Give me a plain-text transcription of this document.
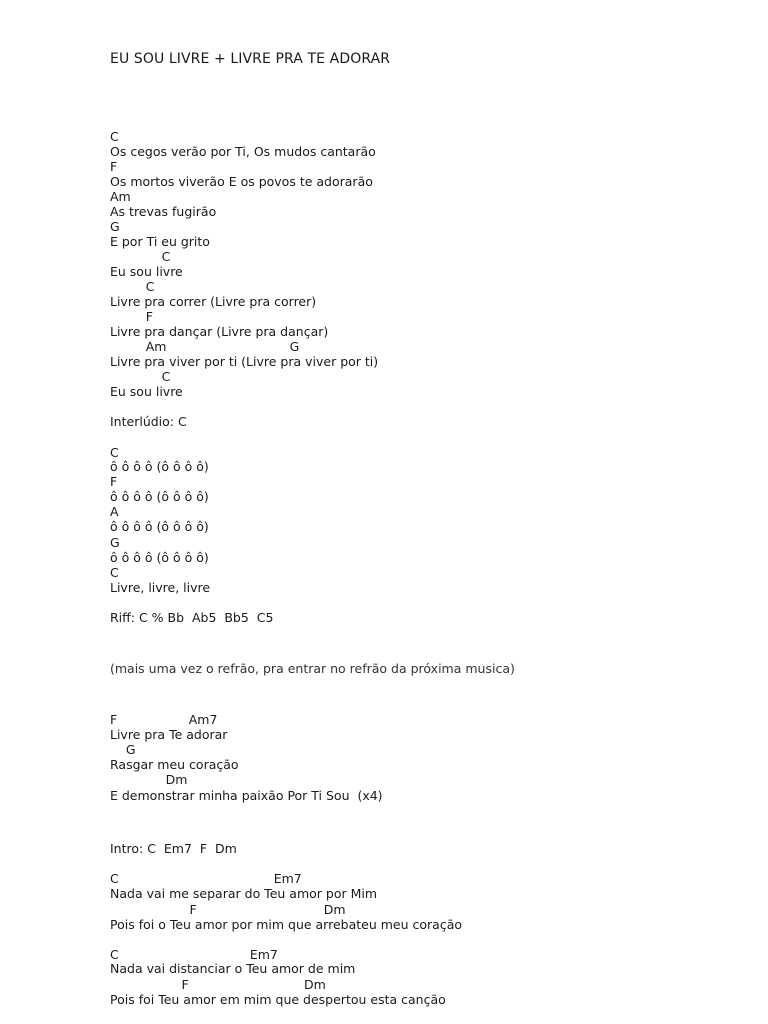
EU SOU LIVRE + LIVRE PRA TE ADORAR
C
Os cegos verão por Ti, Os mudos cantarão
F
Os mortos viverão E os povos te adorarão
Am
As trevas fugirão
G
E por Ti eu grito
C
Eu sou livre
C
Livre pra correr (Livre pra correr)
F
Livre pra dançar (Livre pra dançar)
Am                               G
Livre pra viver por ti (Livre pra viver por ti)
C
Eu sou livre
Interlúdio: C
C
ô ô ô ô (ô ô ô ô)
F
ô ô ô ô (ô ô ô ô)
A
ô ô ô ô (ô ô ô ô)
G
ô ô ô ô (ô ô ô ô)
C
Livre, livre, livre
Riff: C % Bb  Ab5  Bb5  C5
(mais uma vez o refrão, pra entrar no refrão da próxima musica)
F                  Am7
Livre pra Te adorar
G
Rasgar meu coração
Dm
E demonstrar minha paixão Por Ti Sou  (x4)
Intro: C  Em7  F  Dm
C                                       Em7
Nada vai me separar do Teu amor por Mim
F                                Dm
Pois foi o Teu amor por mim que arrebateu meu coração
C                                 Em7
Nada vai distanciar o Teu amor de mim
F                             Dm
Pois foi Teu amor em mim que despertou esta canção
